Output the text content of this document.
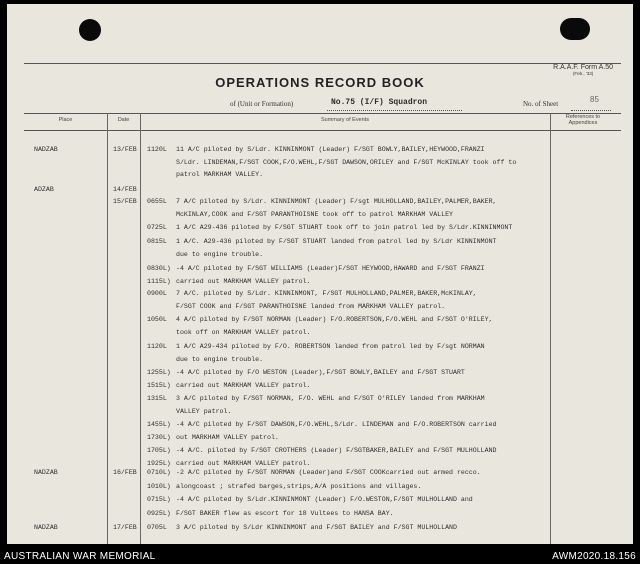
OPERATIONS RECORD BOOK
R.A.A.F. Form A.50
(Feb., '33)
of (Unit or Formation)	No.75 (I/F) Squadron	No. of Sheet	85
Place	Date	Summary of Events	References to Appendices
NADZAB	13/FEB 1120L 11 A/C piloted by S/Ldr. KINNINMONT (Leader) F/SGT BOWLY,BAILEY,HEYWOOD,FRANZI
S/Ldr. LINDEMAN,F/SGT COOK,F/O.WEHL,F/SGT DAWSON,ORILEY and F/SGT McKINLAY took off to
patrol MARKHAM VALLEY.
ADZAB	14/FEB
15/FEB 0655L 7 A/C piloted by S/Ldr. KINNINMONT (Leader) F/sgt MULHOLLAND,BAILEY,PALMER,BAKER,
McKINLAY,COOK and F/SGT PARANTHOISNE took off to patrol MARKHAM VALLEY
0725L 1 A/C A29-436 piloted by F/SGT STUART took off to join patrol led by S/Ldr.KINNINMONT
0815L 1 A/C. A29-436 piloted by F/SGT STUART landed from patrol led by S/Ldr KINNINMONT
due to engine trouble.
0830L) -4 A/C piloted by F/SGT WILLIAMS (Leader)F/SGT HEYWOOD,HAWARD and F/SGT FRANZI
1115L) carried out MARKHAM VALLEY patrol.
0900L 7 A/C. piloted by S/Ldr. KINNINMONT, F/SGT MULHOLLAND,PALMER,BAKER,McKINLAY,
F/SGT COOK and F/SGT PARANTHOISNE landed from MARKHAM VALLEY patrol.
1050L 4 A/C piloted by F/SGT NORMAN (Leader) F/O.ROBERTSON,F/O.WEHL and F/SGT O'RILEY,
took off on MARKHAM VALLEY patrol.
1120L 1 A/C A29-434 piloted by F/O. ROBERTSON landed from patrol led by F/sgt NORMAN
due to engine trouble.
1255L) -4 A/C piloted by F/O WESTON (Leader),F/SGT BOWLY,BAILEY and F/SGT STUART
1515L) carried out MARKHAM VALLEY patrol.
1315L 3 A/C piloted by F/SGT NORMAN, F/O. WEHL and F/SGT O'RILEY landed from MARKHAM
VALLEY patrol.
1455L) -4 A/C piloted by F/SGT DAWSON,F/O.WEHL,S/Ldr. LINDEMAN and F/O.ROBERTSON carried
1730L) out MARKHAM VALLEY patrol.
1705L) -4 A/C. piloted by F/SGT CROTHERS (Leader) F/SGTBAKER,BAILEY and F/SGT MULHOLLAND
1925L) carried out MARKHAM VALLEY patrol.
NADZAB	16/FEB 0710L) -2 A/C piloted by F/SGT NORMAN (Leader)and F/SGT COOKcarried out armed recco.
1010L) alongcoast ; strafed barges,strips,A/A positions and villages.
0715L) -4 A/C piloted by S/Ldr.KINNINMONT (Leader) F/O.WESTON,F/SGT MULHOLLAND and
0925L) F/SGT BAKER flew as escort for 18 Vultees to HANSA BAY.
NADZAB	17/FEB 0705L 3 A/C piloted by S/Ldr KINNINMONT and F/SGT BAILEY and F/SGT MULHOLLAND
AUSTRALIAN WAR MEMORIAL	AWM2020.18.156
